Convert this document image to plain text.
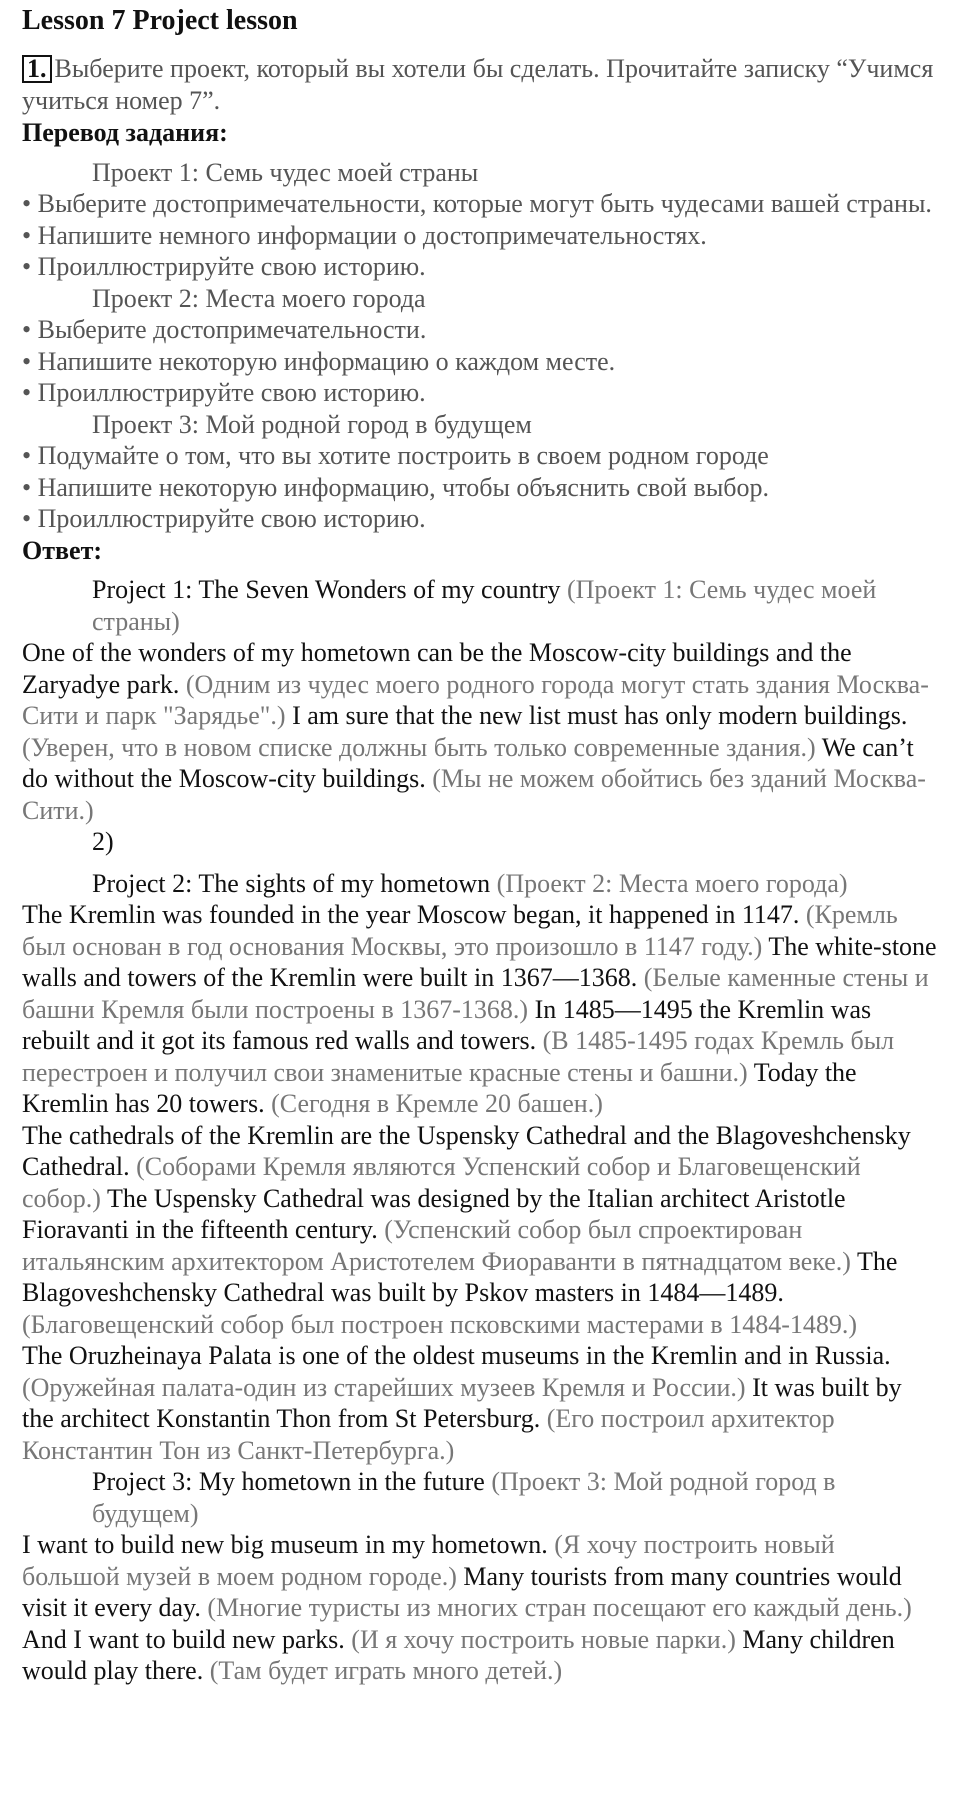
Lesson 7 Project lesson
1. Выберите проект, который вы хотели бы сделать. Прочитайте записку “Учимся учиться номер 7”.
Перевод задания:
Проект 1: Семь чудес моей страны
• Выберите достопримечательности, которые могут быть чудесами вашей страны.
• Напишите немного информации о достопримечательностях.
• Проиллюстрируйте свою историю.
Проект 2: Места моего города
• Выберите достопримечательности.
• Напишите некоторую информацию о каждом месте.
• Проиллюстрируйте свою историю.
Проект 3: Мой родной город в будущем
• Подумайте о том, что вы хотите построить в своем родном городе
• Напишите некоторую информацию, чтобы объяснить свой выбор.
• Проиллюстрируйте свою историю.
Ответ:
Project 1: The Seven Wonders of my country (Проект 1: Семь чудес моей страны)
One of the wonders of my hometown can be the Moscow-city buildings and the Zaryadye park. (Одним из чудес моего родного города могут стать здания Москва-Сити и парк "Зарядье".) I am sure that the new list must has only modern buildings. (Уверен, что в новом списке должны быть только современные здания.) We can’t do without the Moscow-city buildings. (Мы не можем обойтись без зданий Москва-Сити.)
2)
Project 2: The sights of my hometown (Проект 2: Места моего города)
The Kremlin was founded in the year Moscow began, it happened in 1147. (Кремль был основан в год основания Москвы, это произошло в 1147 году.) The white-stone walls and towers of the Kremlin were built in 1367—1368. (Белые каменные стены и башни Кремля были построены в 1367-1368.) In 1485—1495 the Kremlin was rebuilt and it got its famous red walls and towers. (В 1485-1495 годах Кремль был перестроен и получил свои знаменитые красные стены и башни.) Today the Kremlin has 20 towers. (Сегодня в Кремле 20 башен.)
The cathedrals of the Kremlin are the Uspensky Cathedral and the Blagoveshchensky Cathedral. (Соборами Кремля являются Успенский собор и Благовещенский собор.) The Uspensky Cathedral was designed by the Italian architect Aristotle Fioravanti in the fifteenth century. (Успенский собор был спроектирован итальянским архитектором Аристотелем Фиораванти в пятнадцатом веке.) The Blagoveshchensky Cathedral was built by Pskov masters in 1484—1489. (Благовещенский собор был построен псковскими мастерами в 1484-1489.)
The Oruzheinaya Palata is one of the oldest museums in the Kremlin and in Russia. (Оружейная палата-один из старейших музеев Кремля и России.) It was built by the architect Konstantin Thon from St Petersburg. (Его построил архитектор Константин Тон из Санкт-Петербурга.)
Project 3: My hometown in the future (Проект 3: Мой родной город в будущем)
I want to build new big museum in my hometown. (Я хочу построить новый большой музей в моем родном городе.) Many tourists from many countries would visit it every day. (Многие туристы из многих стран посещают его каждый день.) And I want to build new parks. (И я хочу построить новые парки.) Many children would play there. (Там будет играть много детей.)
